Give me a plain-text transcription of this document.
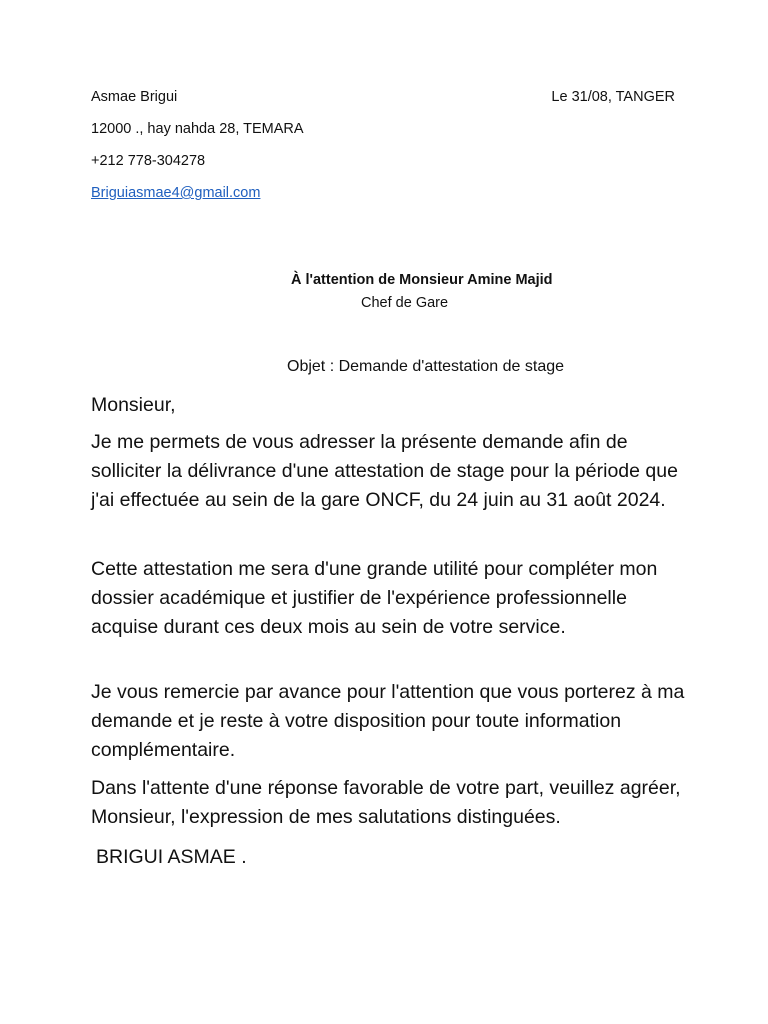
Asmae Brigui	Le 31/08, TANGER
12000 ., hay nahda 28, TEMARA
+212 778-304278
Briguiasmae4@gmail.com
À l'attention de Monsieur Amine Majid
Chef de Gare
Objet : Demande d'attestation de stage

Monsieur,

Je me permets de vous adresser la présente demande afin de solliciter la délivrance d'une attestation de stage pour la période que j'ai effectuée au sein de la gare ONCF, du 24 juin au 31 août 2024.

Cette attestation me sera d'une grande utilité pour compléter mon dossier académique et justifier de l'expérience professionnelle acquise durant ces deux mois au sein de votre service.

Je vous remercie par avance pour l'attention que vous porterez à ma demande et je reste à votre disposition pour toute information complémentaire.

Dans l'attente d'une réponse favorable de votre part, veuillez agréer, Monsieur, l'expression de mes salutations distinguées.

BRIGUI ASMAE .
